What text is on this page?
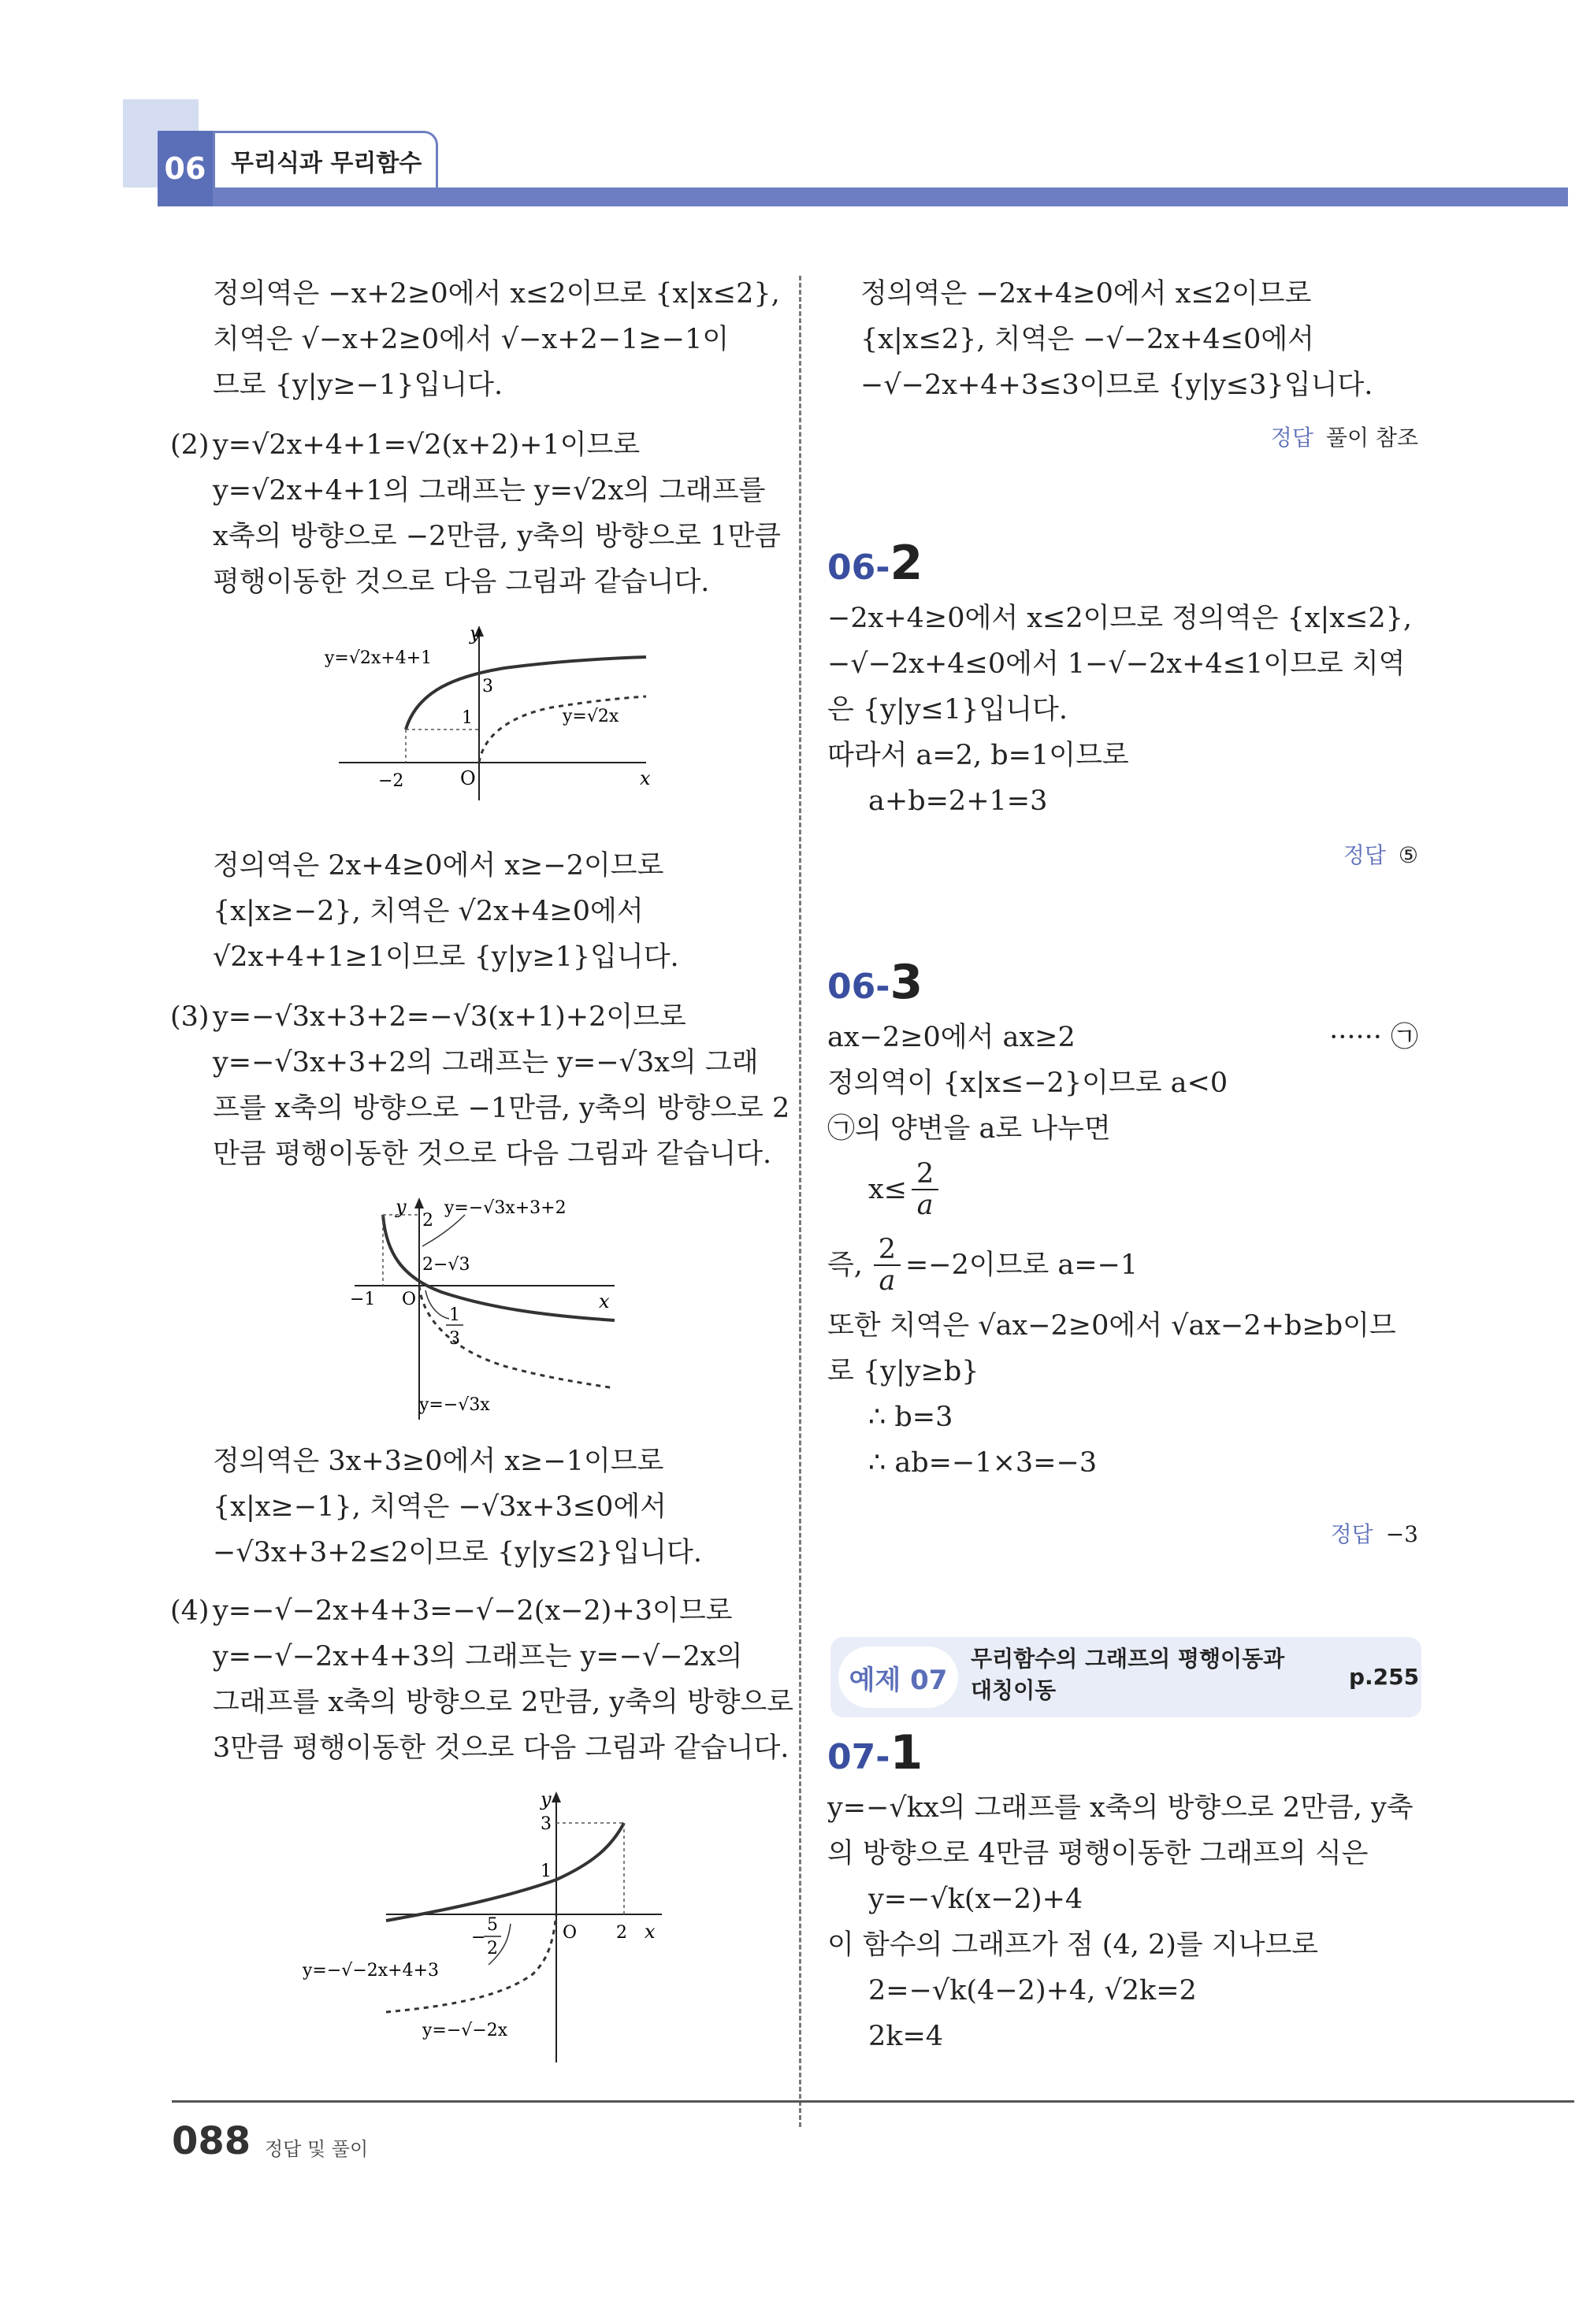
06	무리식과 무리함수

정의역은 −x+2≥0에서 x≤2이므로 {x|x≤2},

치역은 √−x+2≥0에서 √−x+2−1≥−1이

므로 {y|y≥−1}입니다.

(2) y=√2x+4+1=√2(x+2)+1이므로

y=√2x+4+1의 그래프는 y=√2x의 그래프를

x축의 방향으로 −2만큼, y축의 방향으로 1만큼

평행이동한 것으로 다음 그림과 같습니다.

y
x
O
y=√2x+4+1
y=√2x
3
1
−2

정의역은 2x+4≥0에서 x≥−2이므로

{x|x≥−2}, 치역은 √2x+4≥0에서

√2x+4+1≥1이므로 {y|y≥1}입니다.

(3) y=−√3x+3+2=−√3(x+1)+2이므로

y=−√3x+3+2의 그래프는 y=−√3x의 그래

프를 x축의 방향으로 −1만큼, y축의 방향으로 2

만큼 평행이동한 것으로 다음 그림과 같습니다.

y
x
O
2
y=−√3x+3+2
2−√3
−1
1
3
y=−√3x

정의역은 3x+3≥0에서 x≥−1이므로

{x|x≥−1}, 치역은 −√3x+3≤0에서

−√3x+3+2≤2이므로 {y|y≤2}입니다.

(4) y=−√−2x+4+3=−√−2(x−2)+3이므로

y=−√−2x+4+3의 그래프는 y=−√−2x의

그래프를 x축의 방향으로 2만큼, y축의 방향으로

3만큼 평행이동한 것으로 다음 그림과 같습니다.

y
x
O
3
1
2
−
5
2
y=−√−2x+4+3
y=−√−2x

정의역은 −2x+4≥0에서 x≤2이므로

{x|x≤2}, 치역은 −√−2x+4≤0에서

−√−2x+4+3≤3이므로 {y|y≤3}입니다.

정답 풀이 참조
06-2

−2x+4≥0에서 x≤2이므로 정의역은 {x|x≤2},

−√−2x+4≤0에서 1−√−2x+4≤1이므로 치역

은 {y|y≤1}입니다.

따라서 a=2, b=1이므로

a+b=2+1=3

정답 ⑤
06-3

ax−2≥0에서 ax≥2	······ ㉠

정의역이 {x|x≤−2}이므로 a<0

㉠의 양변을 a로 나누면

x≤ 2
a

즉, 2
a =−2이므로 a=−1

또한 치역은 √ax−2≥0에서 √ax−2+b≥b이므

로 {y|y≥b}

∴ b=3

∴ ab=−1×3=−3

정답 −3
예제 07
무리함수의 그래프의 평행이동과 대칭이동
p.255
07-1

y=−√kx의 그래프를 x축의 방향으로 2만큼, y축

의 방향으로 4만큼 평행이동한 그래프의 식은

y=−√k(x−2)+4

이 함수의 그래프가 점 (4, 2)를 지나므로

2=−√k(4−2)+4, √2k=2

2k=4

088 정답 및 풀이
